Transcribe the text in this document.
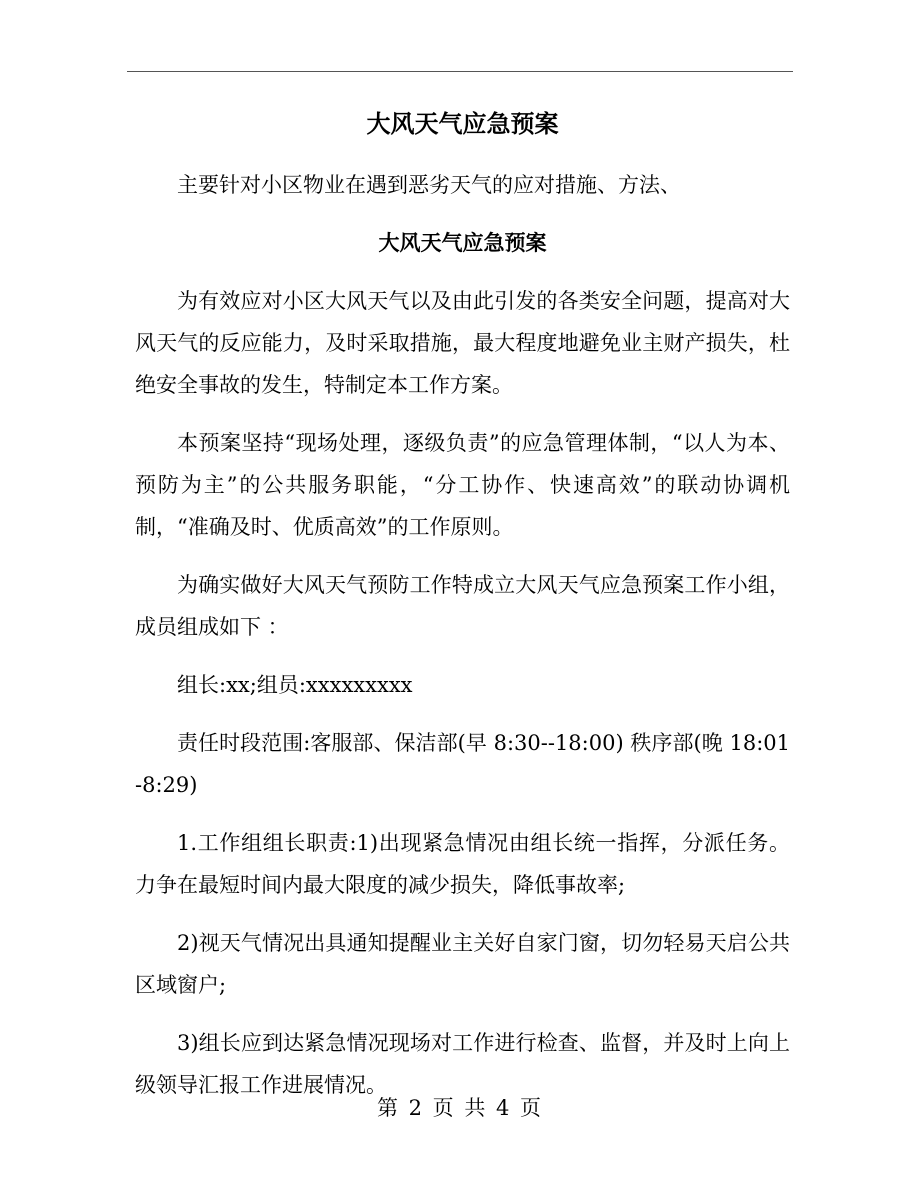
大风天气应急预案

主要针对小区物业在遇到恶劣天气的应对措施、方法、

大风天气应急预案

为有效应对小区大风天气以及由此引发的各类安全问题，提高对大风天气的反应能力，及时采取措施，最大程度地避免业主财产损失，杜绝安全事故的发生，特制定本工作方案。

本预案坚持“现场处理，逐级负责”的应急管理体制，“以人为本、预防为主”的公共服务职能，“分工协作、快速高效”的联动协调机制，“准确及时、优质高效”的工作原则。

为确实做好大风天气预防工作特成立大风天气应急预案工作小组，成员组成如下 ：

组长:xx;组员:xxxxxxxxx

责任时段范围:客服部、保洁部(早 8:30--18:00) 秩序部(晚 18:01-8:29)

1.工作组组长职责:1)出现紧急情况由组长统一指挥，分派任务。力争在最短时间内最大限度的减少损失，降低事故率;

2)视天气情况出具通知提醒业主关好自家门窗，切勿轻易天启公共区域窗户;

3)组长应到达紧急情况现场对工作进行检查、监督，并及时上向上级领导汇报工作进展情况。

第 2 页 共 4 页
